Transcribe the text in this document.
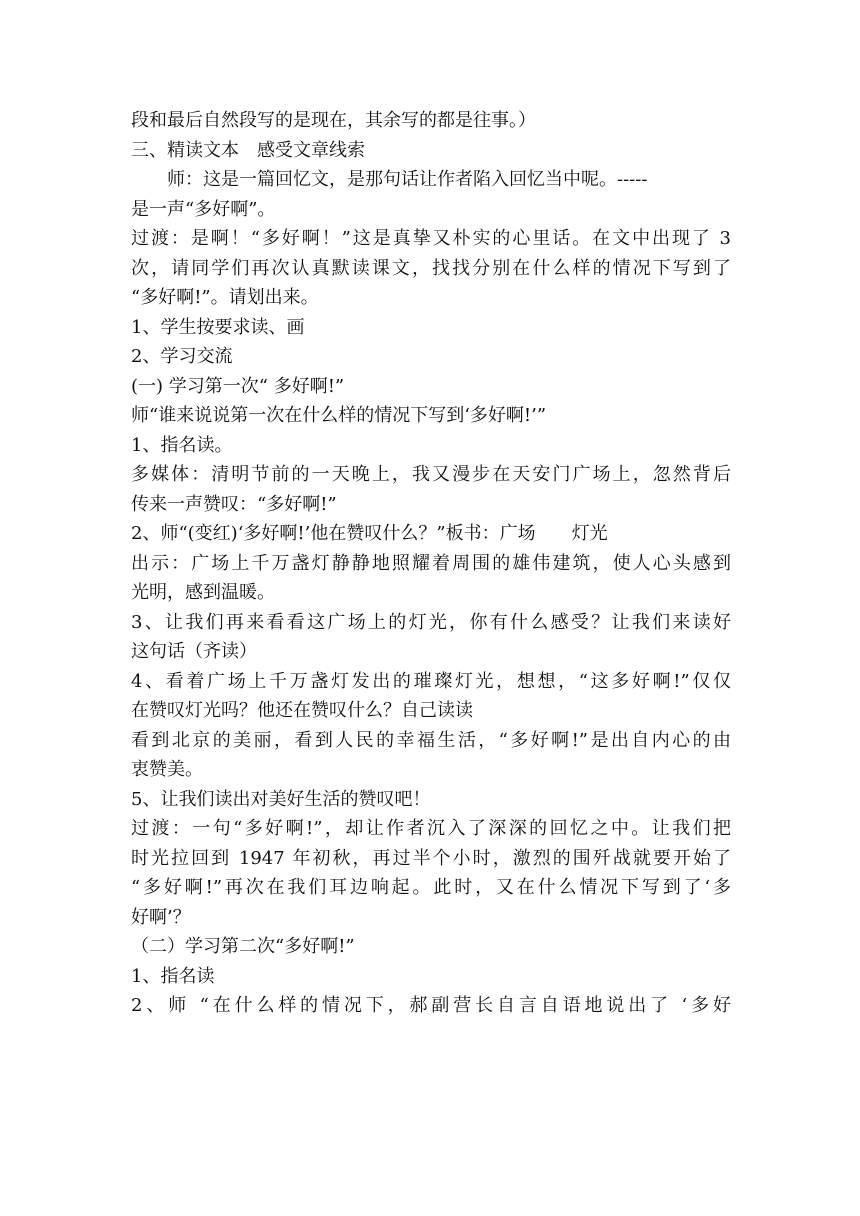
段和最后自然段写的是现在，其余写的都是往事。）
三、精读文本　感受文章线索
师：这是一篇回忆文，是那句话让作者陷入回忆当中呢。-----
是一声“多好啊”。
过渡：是啊！“多好啊！”这是真挚又朴实的心里话。在文中出现了 3
次，请同学们再次认真默读课文，找找分别在什么样的情况下写到了
“多好啊!”。请划出来。
1、学生按要求读、画
2、学习交流
(一) 学习第一次“ 多好啊!”
师“谁来说说第一次在什么样的情况下写到‘多好啊!’”
1、指名读。
多媒体：清明节前的一天晚上，我又漫步在天安门广场上，忽然背后
传来一声赞叹：“多好啊!”
2、师“(变红)‘多好啊!’他在赞叹什么？”板书：广场　　灯光
出示：广场上千万盏灯静静地照耀着周围的雄伟建筑，使人心头感到
光明，感到温暖。
3、让我们再来看看这广场上的灯光，你有什么感受？让我们来读好
这句话（齐读）
4、看着广场上千万盏灯发出的璀璨灯光，想想，“这多好啊!”仅仅
在赞叹灯光吗？他还在赞叹什么？自己读读
看到北京的美丽，看到人民的幸福生活，“多好啊!”是出自内心的由
衷赞美。
5、让我们读出对美好生活的赞叹吧！
过渡：一句“多好啊!”，却让作者沉入了深深的回忆之中。让我们把
时光拉回到 1947 年初秋，再过半个小时，激烈的围歼战就要开始了
“多好啊!”再次在我们耳边响起。此时，又在什么情况下写到了‘多
好啊’？
（二）学习第二次“多好啊!”
1、指名读
2、师 “在什么样的情况下，郝副营长自言自语地说出了 ‘多好
